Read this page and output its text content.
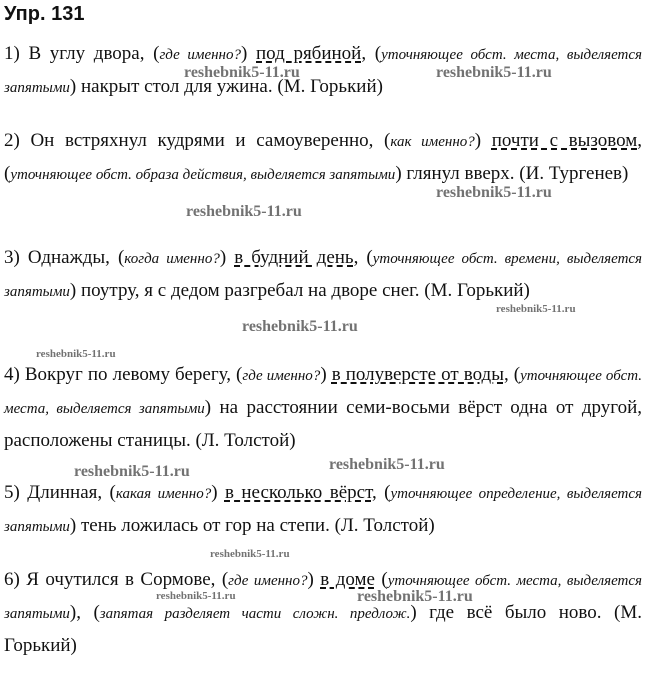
Упр. 131
1) В углу двора, (где именно?) под рябиной, (уточняющее обст. места, выделяется запятыми) накрыт стол для ужина. (М. Горький)
2) Он встряхнул кудрями и самоуверенно, (как именно?) почти с вызовом, (уточняющее обст. образа действия, выделяется запятыми) глянул вверх. (И. Тургенев)
3) Однажды, (когда именно?) в будний день, (уточняющее обст. времени, выделяется запятыми) поутру, я с дедом разгребал на дворе снег. (М. Горький)
4) Вокруг по левому берегу, (где именно?) в полуверсте от воды, (уточняющее обст. места, выделяется запятыми) на расстоянии семи-восьми вёрст одна от другой, расположены станицы. (Л. Толстой)
5) Длинная, (какая именно?) в несколько вёрст, (уточняющее определение, выделяется запятыми) тень ложилась от гор на степи. (Л. Толстой)
6) Я очутился в Сормове, (где именно?) в доме (уточняющее обст. места, выделяется запятыми), (запятая разделяет части сложн. предлож.) где всё было ново. (М. Горький)
reshebnik5-11.ru	reshebnik5-11.ru
reshebnik5-11.ru
reshebnik5-11.ru
reshebnik5-11.ru
reshebnik5-11.ru
reshebnik5-11.ru
reshebnik5-11.ru	reshebnik5-11.ru
reshebnik5-11.ru
reshebnik5-11.ru	reshebnik5-11.ru
